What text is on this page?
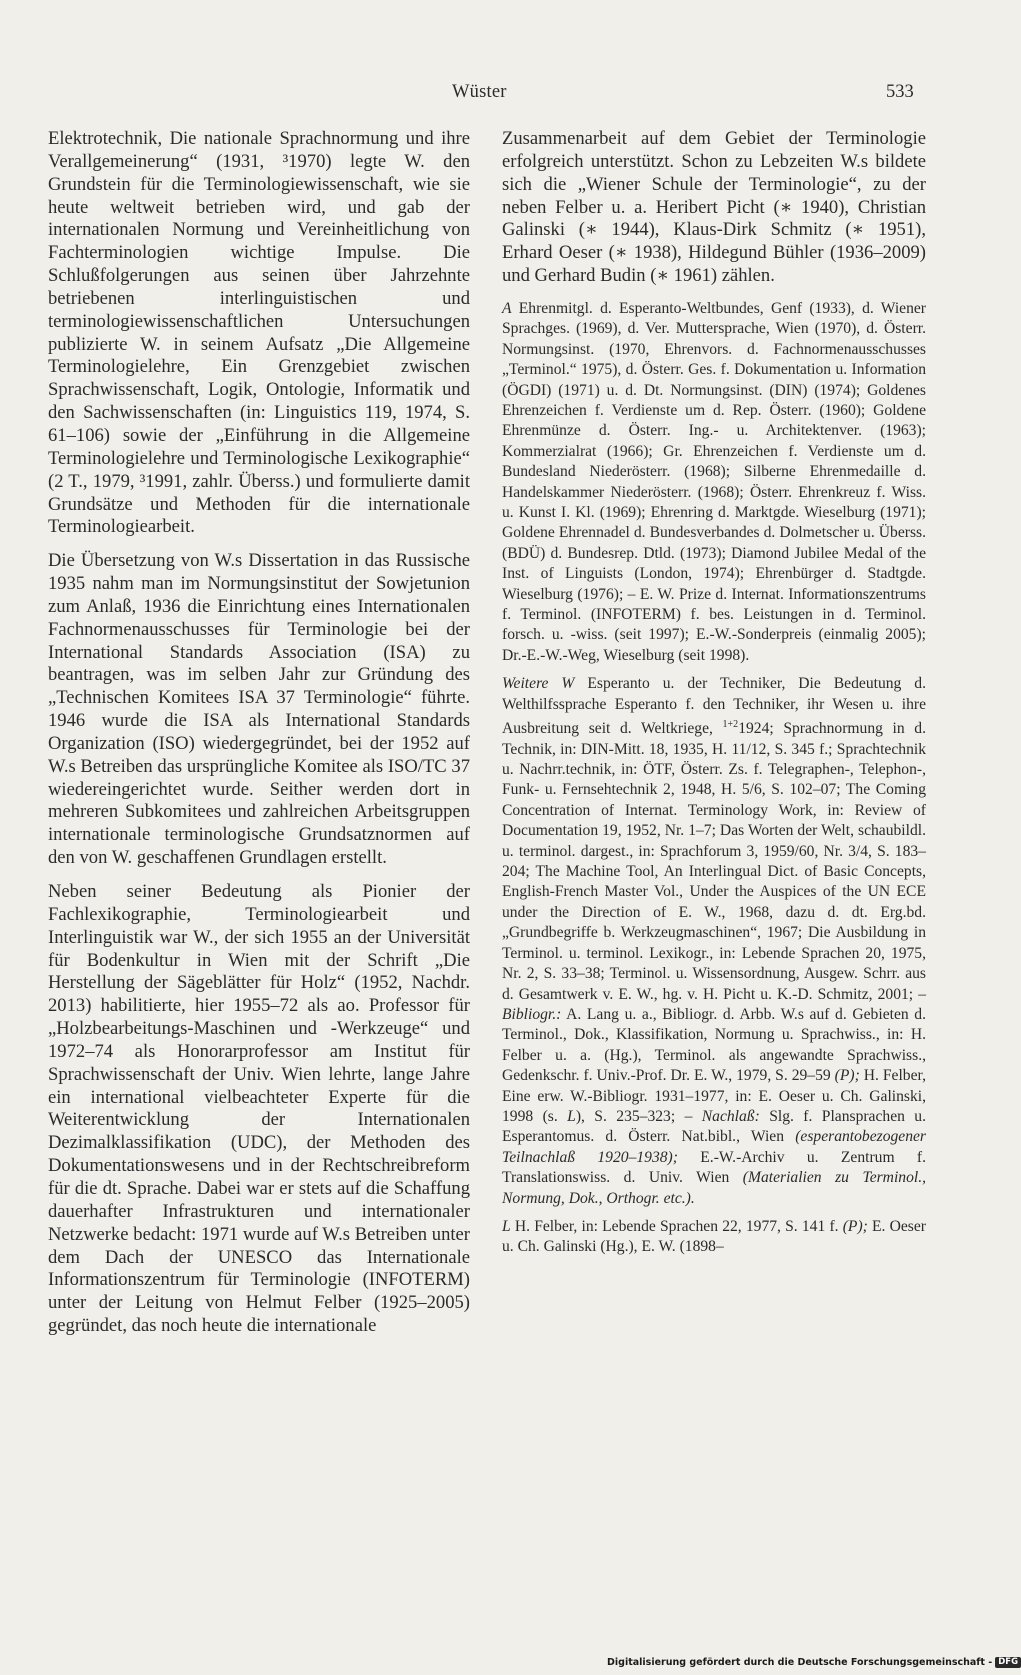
Wüster	533

Elektrotechnik, Die nationale Sprachnormung und ihre Verallgemeinerung“ (1931, ³1970) legte W. den Grundstein für die Terminologiewissenschaft, wie sie heute weltweit betrieben wird, und gab der internationalen Normung und Vereinheitlichung von Fachterminologien wichtige Impulse. Die Schlußfolgerungen aus seinen über Jahrzehnte betriebenen interlinguistischen und terminologiewissenschaftlichen Untersuchungen publizierte W. in seinem Aufsatz „Die Allgemeine Terminologielehre, Ein Grenzgebiet zwischen Sprachwissenschaft, Logik, Ontologie, Informatik und den Sachwissenschaften (in: Linguistics 119, 1974, S. 61–106) sowie der „Einführung in die Allgemeine Terminologielehre und Terminologische Lexikographie“ (2 T., 1979, ³1991, zahlr. Überss.) und formulierte damit Grundsätze und Methoden für die internationale Terminologiearbeit.

Die Übersetzung von W.s Dissertation in das Russische 1935 nahm man im Normungsinstitut der Sowjetunion zum Anlaß, 1936 die Einrichtung eines Internationalen Fachnormenausschusses für Terminologie bei der International Standards Association (ISA) zu beantragen, was im selben Jahr zur Gründung des „Technischen Komitees ISA 37 Terminologie“ führte. 1946 wurde die ISA als International Standards Organization (ISO) wiedergegründet, bei der 1952 auf W.s Betreiben das ursprüngliche Komitee als ISO/TC 37 wiedereingerichtet wurde. Seither werden dort in mehreren Subkomitees und zahlreichen Arbeitsgruppen internationale terminologische Grundsatznormen auf den von W. geschaffenen Grundlagen erstellt.

Neben seiner Bedeutung als Pionier der Fachlexikographie, Terminologiearbeit und Interlinguistik war W., der sich 1955 an der Universität für Bodenkultur in Wien mit der Schrift „Die Herstellung der Sägeblätter für Holz“ (1952, Nachdr. 2013) habilitierte, hier 1955–72 als ao. Professor für „Holzbearbeitungs-Maschinen und -Werkzeuge“ und 1972–74 als Honorarprofessor am Institut für Sprachwissenschaft der Univ. Wien lehrte, lange Jahre ein international vielbeachteter Experte für die Weiterentwicklung der Internationalen Dezimalklassifikation (UDC), der Methoden des Dokumentationswesens und in der Rechtschreibreform für die dt. Sprache. Dabei war er stets auf die Schaffung dauerhafter Infrastrukturen und internationaler Netzwerke bedacht: 1971 wurde auf W.s Betreiben unter dem Dach der UNESCO das Internationale Informationszentrum für Terminologie (INFOTERM) unter der Leitung von Helmut Felber (1925–2005) gegründet, das noch heute die internationale

Zusammenarbeit auf dem Gebiet der Terminologie erfolgreich unterstützt. Schon zu Lebzeiten W.s bildete sich die „Wiener Schule der Terminologie“, zu der neben Felber u. a. Heribert Picht (∗ 1940), Christian Galinski (∗ 1944), Klaus-Dirk Schmitz (∗ 1951), Erhard Oeser (∗ 1938), Hildegund Bühler (1936–2009) und Gerhard Budin (∗ 1961) zählen.

A Ehrenmitgl. d. Esperanto-Weltbundes, Genf (1933), d. Wiener Sprachges. (1969), d. Ver. Muttersprache, Wien (1970), d. Österr. Normungsinst. (1970, Ehrenvors. d. Fachnormenausschusses „Terminol.“ 1975), d. Österr. Ges. f. Dokumentation u. Information (ÖGDI) (1971) u. d. Dt. Normungsinst. (DIN) (1974); Goldenes Ehrenzeichen f. Verdienste um d. Rep. Österr. (1960); Goldene Ehrenmünze d. Österr. Ing.- u. Architektenver. (1963); Kommerzialrat (1966); Gr. Ehrenzeichen f. Verdienste um d. Bundesland Niederösterr. (1968); Silberne Ehrenmedaille d. Handelskammer Niederösterr. (1968); Österr. Ehrenkreuz f. Wiss. u. Kunst I. Kl. (1969); Ehrenring d. Marktgde. Wieselburg (1971); Goldene Ehrennadel d. Bundesverbandes d. Dolmetscher u. Überss. (BDÜ) d. Bundesrep. Dtld. (1973); Diamond Jubilee Medal of the Inst. of Linguists (London, 1974); Ehrenbürger d. Stadtgde. Wieselburg (1976); – E. W. Prize d. Internat. Informationszentrums f. Terminol. (INFOTERM) f. bes. Leistungen in d. Terminol. forsch. u. -wiss. (seit 1997); E.-W.-Sonderpreis (einmalig 2005); Dr.-E.-W.-Weg, Wieselburg (seit 1998).

Weitere W Esperanto u. der Techniker, Die Bedeutung d. Welthilfssprache Esperanto f. den Techniker, ihr Wesen u. ihre Ausbreitung seit d. Weltkriege, $^{1+2}$1924; Sprachnormung in d. Technik, in: DIN-Mitt. 18, 1935, H. 11/12, S. 345 f.; Sprachtechnik u. Nachrr.technik, in: ÖTF, Österr. Zs. f. Telegraphen-, Telephon-, Funk- u. Fernsehtechnik 2, 1948, H. 5/6, S. 102–07; The Coming Concentration of Internat. Terminology Work, in: Review of Documentation 19, 1952, Nr. 1–7; Das Worten der Welt, schaubildl. u. terminol. dargest., in: Sprachforum 3, 1959/60, Nr. 3/4, S. 183–204; The Machine Tool, An Interlingual Dict. of Basic Concepts, English-French Master Vol., Under the Auspices of the UN ECE under the Direction of E. W., 1968, dazu d. dt. Erg.bd. „Grundbegriffe b. Werkzeugmaschinen“, 1967; Die Ausbildung in Terminol. u. terminol. Lexikogr., in: Lebende Sprachen 20, 1975, Nr. 2, S. 33–38; Terminol. u. Wissensordnung, Ausgew. Schrr. aus d. Gesamtwerk v. E. W., hg. v. H. Picht u. K.-D. Schmitz, 2001; – Bibliogr.: A. Lang u. a., Bibliogr. d. Arbb. W.s auf d. Gebieten d. Terminol., Dok., Klassifikation, Normung u. Sprachwiss., in: H. Felber u. a. (Hg.), Terminol. als angewandte Sprachwiss., Gedenkschr. f. Univ.-Prof. Dr. E. W., 1979, S. 29–59 (P); H. Felber, Eine erw. W.-Bibliogr. 1931–1977, in: E. Oeser u. Ch. Galinski, 1998 (s. L), S. 235–323; – Nachlaß: Slg. f. Plansprachen u. Esperantomus. d. Österr. Nat.bibl., Wien (esperantobezogener Teilnachlaß 1920–1938); E.-W.-Archiv u. Zentrum f. Translationswiss. d. Univ. Wien (Materialien zu Terminol., Normung, Dok., Orthogr. etc.).

L H. Felber, in: Lebende Sprachen 22, 1977, S. 141 f. (P); E. Oeser u. Ch. Galinski (Hg.), E. W. (1898–

Digitalisierung gefördert durch die Deutsche Forschungsgemeinschaft - DFG
